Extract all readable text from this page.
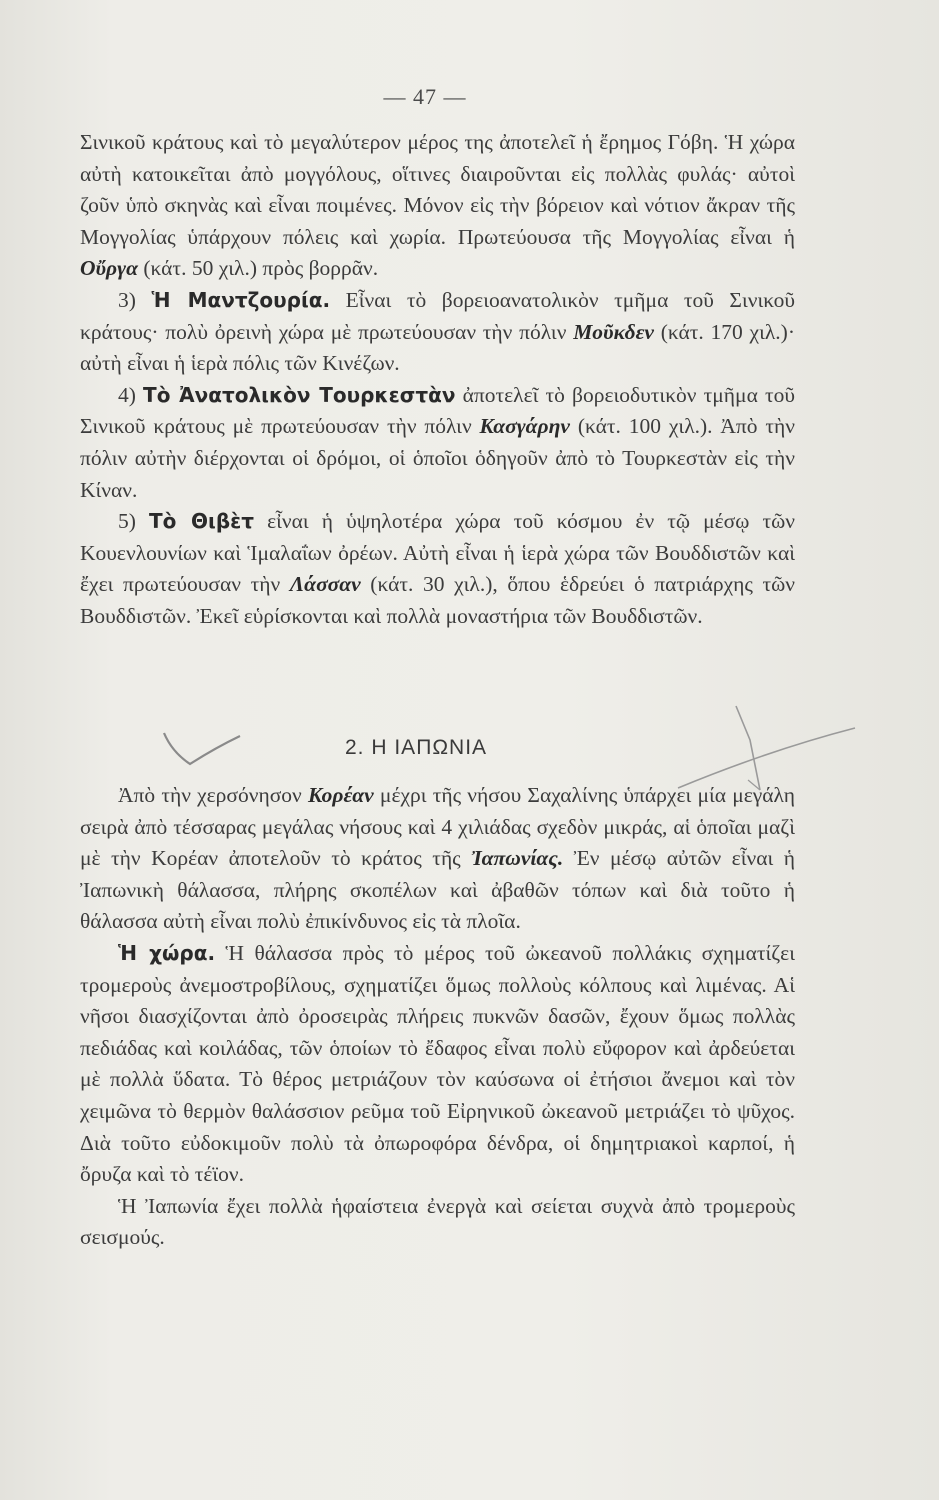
— 47 —

Σινικοῦ κράτους καὶ τὸ μεγαλύτερον μέρος της ἀποτελεῖ ἡ ἔρημος Γόβη. Ἡ χώρα αὐτὴ κατοικεῖται ἀπὸ μογγόλους, οἵτινες διαιροῦνται εἰς πολλὰς φυλάς· αὐτοὶ ζοῦν ὑπὸ σκηνὰς καὶ εἶναι ποιμένες. Μόνον εἰς τὴν βόρειον καὶ νότιον ἄκραν τῆς Μογγολίας ὑπάρχουν πόλεις καὶ χωρία. Πρωτεύουσα τῆς Μογγολίας εἶναι ἡ Οὔργα (κάτ. 50 χιλ.) πρὸς βορρᾶν.

3) Ἡ Μαντζουρία. Εἶναι τὸ βορειοανατολικὸν τμῆμα τοῦ Σινικοῦ κράτους· πολὺ ὀρεινὴ χώρα μὲ πρωτεύουσαν τὴν πόλιν Μοῦκδεν (κάτ. 170 χιλ.)· αὐτὴ εἶναι ἡ ἱερὰ πόλις τῶν Κινέζων.

4) Τὸ Ἀνατολικὸν Τουρκεστὰν ἀποτελεῖ τὸ βορειοδυτικὸν τμῆμα τοῦ Σινικοῦ κράτους μὲ πρωτεύουσαν τὴν πόλιν Κασγάρην (κάτ. 100 χιλ.). Ἀπὸ τὴν πόλιν αὐτὴν διέρχονται οἱ δρόμοι, οἱ ὁποῖοι ὁδηγοῦν ἀπὸ τὸ Τουρκεστὰν εἰς τὴν Κίναν.

5) Τὸ Θιβὲτ εἶναι ἡ ὑψηλοτέρα χώρα τοῦ κόσμου ἐν τῷ μέσῳ τῶν Κουενλουνίων καὶ Ἱμαλαΐων ὀρέων. Αὐτὴ εἶναι ἡ ἱερὰ χώρα τῶν Βουδδιστῶν καὶ ἔχει πρωτεύουσαν τὴν Λάσσαν (κάτ. 30 χιλ.), ὅπου ἑδρεύει ὁ πατριάρχης τῶν Βουδδιστῶν. Ἐκεῖ εὑρίσκονται καὶ πολλὰ μοναστήρια τῶν Βουδδιστῶν.

2. Η ΙΑΠΩΝΙΑ

Ἀπὸ τὴν χερσόνησον Κορέαν μέχρι τῆς νήσου Σαχαλίνης ὑπάρχει μία μεγάλη σειρὰ ἀπὸ τέσσαρας μεγάλας νήσους καὶ 4 χιλιάδας σχεδὸν μικράς, αἱ ὁποῖαι μαζὶ μὲ τὴν Κορέαν ἀποτελοῦν τὸ κράτος τῆς Ἰαπωνίας. Ἐν μέσῳ αὐτῶν εἶναι ἡ Ἰαπωνικὴ θάλασσα, πλήρης σκοπέλων καὶ ἀβαθῶν τόπων καὶ διὰ τοῦτο ἡ θάλασσα αὐτὴ εἶναι πολὺ ἐπικίνδυνος εἰς τὰ πλοῖα.

Ἡ χώρα. Ἡ θάλασσα πρὸς τὸ μέρος τοῦ ὠκεανοῦ πολλάκις σχηματίζει τρομεροὺς ἀνεμοστροβίλους, σχηματίζει ὅμως πολλοὺς κόλπους καὶ λιμένας. Αἱ νῆσοι διασχίζονται ἀπὸ ὀροσειρὰς πλήρεις πυκνῶν δασῶν, ἔχουν ὅμως πολλὰς πεδιάδας καὶ κοιλάδας, τῶν ὁποίων τὸ ἔδαφος εἶναι πολὺ εὔφορον καὶ ἀρδεύεται μὲ πολλὰ ὕδατα. Τὸ θέρος μετριάζουν τὸν καύσωνα οἱ ἐτήσιοι ἄνεμοι καὶ τὸν χειμῶνα τὸ θερμὸν θαλάσσιον ρεῦμα τοῦ Εἰρηνικοῦ ὠκεανοῦ μετριάζει τὸ ψῦχος. Διὰ τοῦτο εὐδοκιμοῦν πολὺ τὰ ὀπωροφόρα δένδρα, οἱ δημητριακοὶ καρποί, ἡ ὄρυζα καὶ τὸ τέϊον.

Ἡ Ἰαπωνία ἔχει πολλὰ ἡφαίστεια ἐνεργὰ καὶ σείεται συχνὰ ἀπὸ τρομεροὺς σεισμούς.
